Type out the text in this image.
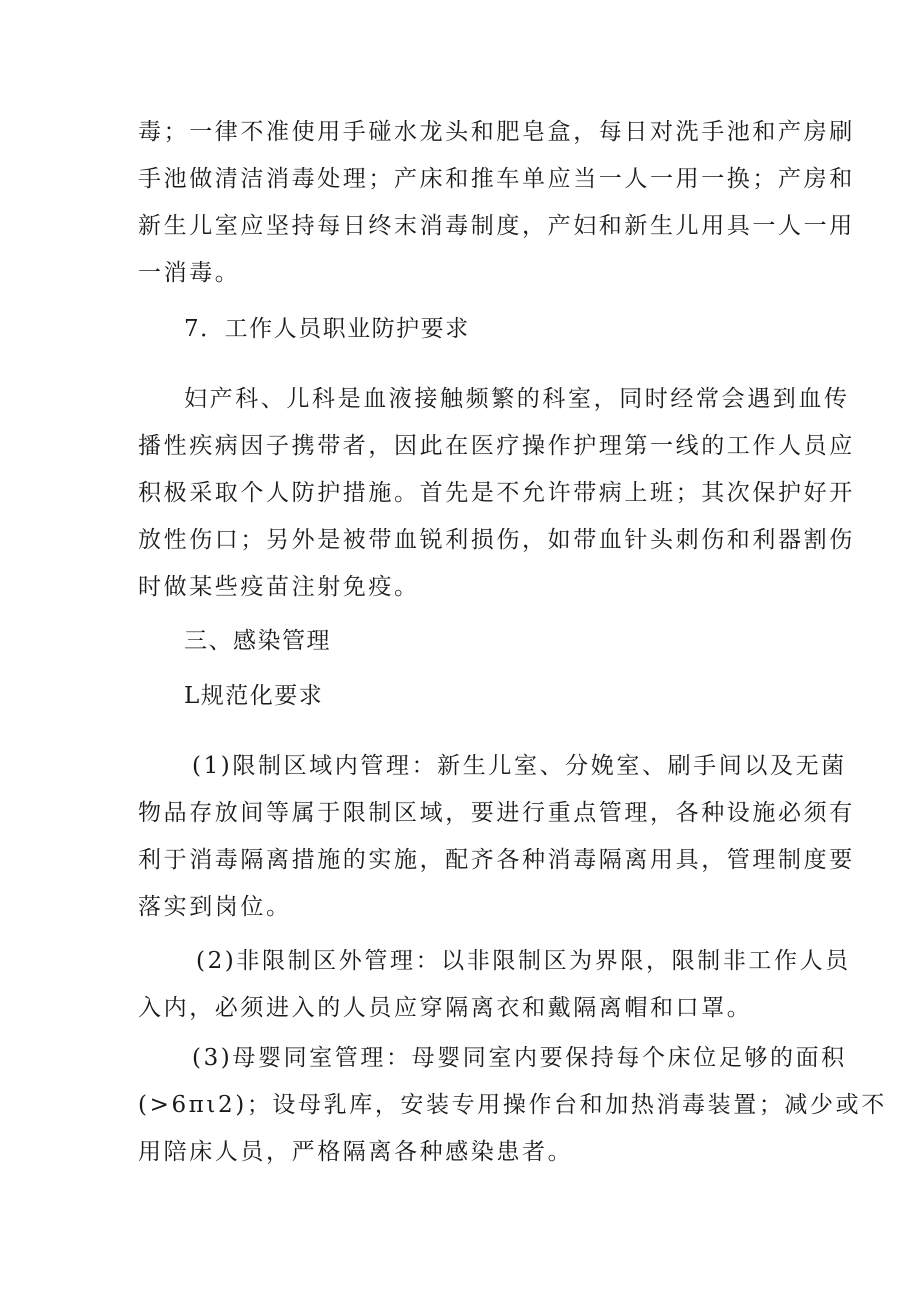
毒；一律不准使用手碰水龙头和肥皂盒，每日对洗手池和产房刷
手池做清洁消毒处理；产床和推车单应当一人一用一换；产房和
新生儿室应坚持每日终末消毒制度，产妇和新生儿用具一人一用
一消毒。
7．工作人员职业防护要求
妇产科、儿科是血液接触频繁的科室，同时经常会遇到血传
播性疾病因子携带者，因此在医疗操作护理第一线的工作人员应
积极采取个人防护措施。首先是不允许带病上班；其次保护好开
放性伤口；另外是被带血锐利损伤，如带血针头刺伤和利器割伤
时做某些疫苗注射免疫。
三、感染管理
L规范化要求
(1)限制区域内管理：新生儿室、分娩室、刷手间以及无菌
物品存放间等属于限制区域，要进行重点管理，各种设施必须有
利于消毒隔离措施的实施，配齐各种消毒隔离用具，管理制度要
落实到岗位。
(2)非限制区外管理：以非限制区为界限，限制非工作人员
入内，必须进入的人员应穿隔离衣和戴隔离帽和口罩。
(3)母婴同室管理：母婴同室内要保持每个床位足够的面积
(>6πι2)；设母乳库，安装专用操作台和加热消毒装置；减少或不
用陪床人员，严格隔离各种感染患者。
